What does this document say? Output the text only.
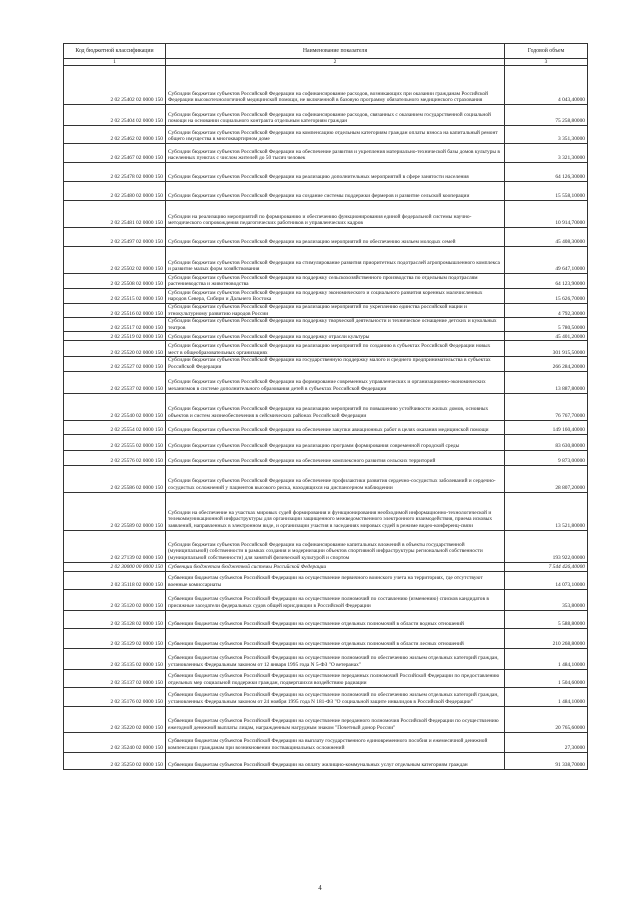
Код бюджетной классификации	Наименование показателя	Годовой объем
1	2	3
2 02 25402 02 0000 150	Субсидии бюджетам субъектов Российской Федерации на софинансирование расходов, возникающих при оказании гражданам Российской Федерации высокотехнологичной медицинской помощи, не включенной в базовую программу обязательного медицинского страхования	4 043,40000
2 02 25404 02 0000 150	Субсидии бюджетам субъектов Российской Федерации на софинансирование расходов, связанных с оказанием государственной социальной помощи на основании социального контракта отдельным категориям граждан	75 258,80000
2 02 25462 02 0000 150	Субсидии бюджетам субъектов Российской Федерации на компенсацию отдельным категориям граждан оплаты взноса на капитальный ремонт общего имущества в многоквартирном доме	3 351,30000
2 02 25467 02 0000 150	Субсидии бюджетам субъектов Российской Федерации на обеспечение развития и укрепления материально-технической базы домов культуры в населенных пунктах с числом жителей до 50 тысяч человек	3 321,30000
2 02 25478 02 0000 150	Субсидии бюджетам субъектов Российской Федерации на реализацию дополнительных мероприятий в сфере занятости населения	64 126,30000
2 02 25480 02 0000 150	Субсидии бюджетам субъектов Российской Федерации на создание системы поддержки фермеров и развитие сельской кооперации	15 558,10000
2 02 25481 02 0000 150	Субсидии на реализацию мероприятий по формированию и обеспечению функционирования единой федеральной системы научно-методического сопровождения педагогических работников и управленческих кадров	10 914,70000
2 02 25497 02 0000 150	Субсидии бюджетам субъектов Российской Федерации на реализацию мероприятий по обеспечению жильем молодых семей	45 408,30000
2 02 25502 02 0000 150	Субсидии бюджетам субъектов Российской Федерации на стимулирование развития приоритетных подотраслей агропромышленного комплекса и развитие малых форм хозяйствования	49 647,10000
2 02 25508 02 0000 150	Субсидии бюджетам субъектов Российской Федерации на поддержку сельскохозяйственного производства по отдельным подотраслям растениеводства и животноводства	64 123,90000
2 02 25515 02 0000 150	Субсидии бюджетам субъектов Российской Федерации на поддержку экономического и социального развития коренных малочисленных народов Севера, Сибири и Дальнего Востока	15 626,70000
2 02 25516 02 0000 150	Субсидии бюджетам субъектов Российской Федерации на реализацию мероприятий по укреплению единства российской нации и этнокультурному развитию народов России	4 792,30000
2 02 25517 02 0000 150	Субсидии бюджетам субъектов Российской Федерации на поддержку творческой деятельности и техническое оснащение детских и кукольных театров	5 780,50000
2 02 25519 02 0000 150	Субсидии бюджетам субъектов Российской Федерации на поддержку отрасли культуры	45 401,20000
2 02 25520 02 0000 150	Субсидии бюджетам субъектов Российской Федерации на реализацию мероприятий по созданию в субъектах Российской Федерации новых мест в общеобразовательных организациях	301 915,50000
2 02 25527 02 0000 150	Субсидии бюджетам субъектов Российской Федерации на государственную поддержку малого и среднего предпринимательства в субъектах Российской Федерации	266 284,20000
2 02 25537 02 0000 150	Субсидии бюджетам субъектов Российской Федерации на формирование современных управленческих и организационно-экономических механизмов в системе дополнительного образования детей в субъектах Российской Федерации	13 887,80000
2 02 25540 02 0000 150	Субсидии бюджетам субъектов Российской Федерации на реализацию мероприятий по повышению устойчивости жилых домов, основных объектов и систем жизнеобеспечения в сейсмических районах Российской Федерации	76 767,70000
2 02 25554 02 0000 150	Субсидии бюджетам субъектов Российской Федерации на обеспечение закупки авиационных работ в целях оказания медицинской помощи	149 160,40000
2 02 25555 02 0000 150	Субсидии бюджетам субъектов Российской Федерации на реализацию программ формирования современной городской среды	83 630,80000
2 02 25576 02 0000 150	Субсидии бюджетам субъектов Российской Федерации на обеспечение комплексного развития сельских территорий	9 873,00000
2 02 25586 02 0000 150	Субсидии бюджетам субъектов Российской Федерации на обеспечение профилактики развития сердечно-сосудистых заболеваний и сердечно-сосудистых осложнений у пациентов высокого риска, находящихся на диспансерном наблюдении	28 807,20000
2 02 25589 02 0000 150	Субсидии на обеспечение на участках мировых судей формирования и функционирования необходимой информационно-технологической и телекоммуникационной инфраструктуры для организации защищенного межведомственного электронного взаимодействия, приема исковых заявлений, направленных в электронном виде, и организации участия в заседаниях мировых судей в режиме видео-конференц-связи	13 521,80000
2 02 27139 02 0000 150	Субсидии бюджетам субъектов Российской Федерации на софинансирование капитальных вложений в объекты государственной (муниципальной) собственности в рамках создания и модернизации объектов спортивной инфраструктуры региональной собственности (муниципальной собственности) для занятий физической культурой и спортом	193 922,00000
2 02 30000 00 0000 150	Субвенции бюджетам бюджетной системы Российской Федерации	7 544 426,40000
2 02 35118 02 0000 150	Субвенции бюджетам субъектов Российской Федерации на осуществление первичного воинского учета на территориях, где отсутствуют военные комиссариаты	14 073,10000
2 02 35120 02 0000 150	Субвенции бюджетам субъектов Российской Федерации на осуществление полномочий по составлению (изменению) списков кандидатов в присяжные заседатели федеральных судов общей юрисдикции в Российской Федерации	353,80000
2 02 35128 02 0000 150	Субвенции бюджетам субъектов Российской Федерации на осуществление отдельных полномочий в области водных отношений	5 588,80000
2 02 35129 02 0000 150	Субвенции бюджетам субъектов Российской Федерации на осуществление отдельных полномочий в области лесных отношений	210 268,80000
2 02 35135 02 0000 150	Субвенции бюджетам субъектов Российской Федерации на осуществление полномочий по обеспечению жильем отдельных категорий граждан, установленных Федеральным законом от 12 января 1995 года N 5-ФЗ "О ветеранах"	1 484,10000
2 02 35137 02 0000 150	Субвенции бюджетам субъектов Российской Федерации на осуществление переданных полномочий Российской Федерации по предоставлению отдельных мер социальной поддержки граждан, подвергшихся воздействию радиации	1 504,60000
2 02 35176 02 0000 150	Субвенции бюджетам субъектов Российской Федерации на осуществление полномочий по обеспечению жильем отдельных категорий граждан, установленных Федеральным законом от 24 ноября 1995 года N 181-ФЗ "О социальной защите инвалидов в Российской Федерации"	1 484,10000
2 02 35220 02 0000 150	Субвенции бюджетам субъектов Российской Федерации на осуществление переданного полномочия Российской Федерации по осуществлению ежегодной денежной выплаты лицам, награжденным нагрудным знаком "Почетный донор России"	20 765,60000
2 02 35240 02 0000 150	Субвенции бюджетам субъектов Российской Федерации на выплату государственного единовременного пособия и ежемесячной денежной компенсации гражданам при возникновении поствакцинальных осложнений	27,30000
2 02 35250 02 0000 150	Субвенции бюджетам субъектов Российской Федерации на оплату жилищно-коммунальных услуг отдельным категориям граждан	91 338,70000
4
